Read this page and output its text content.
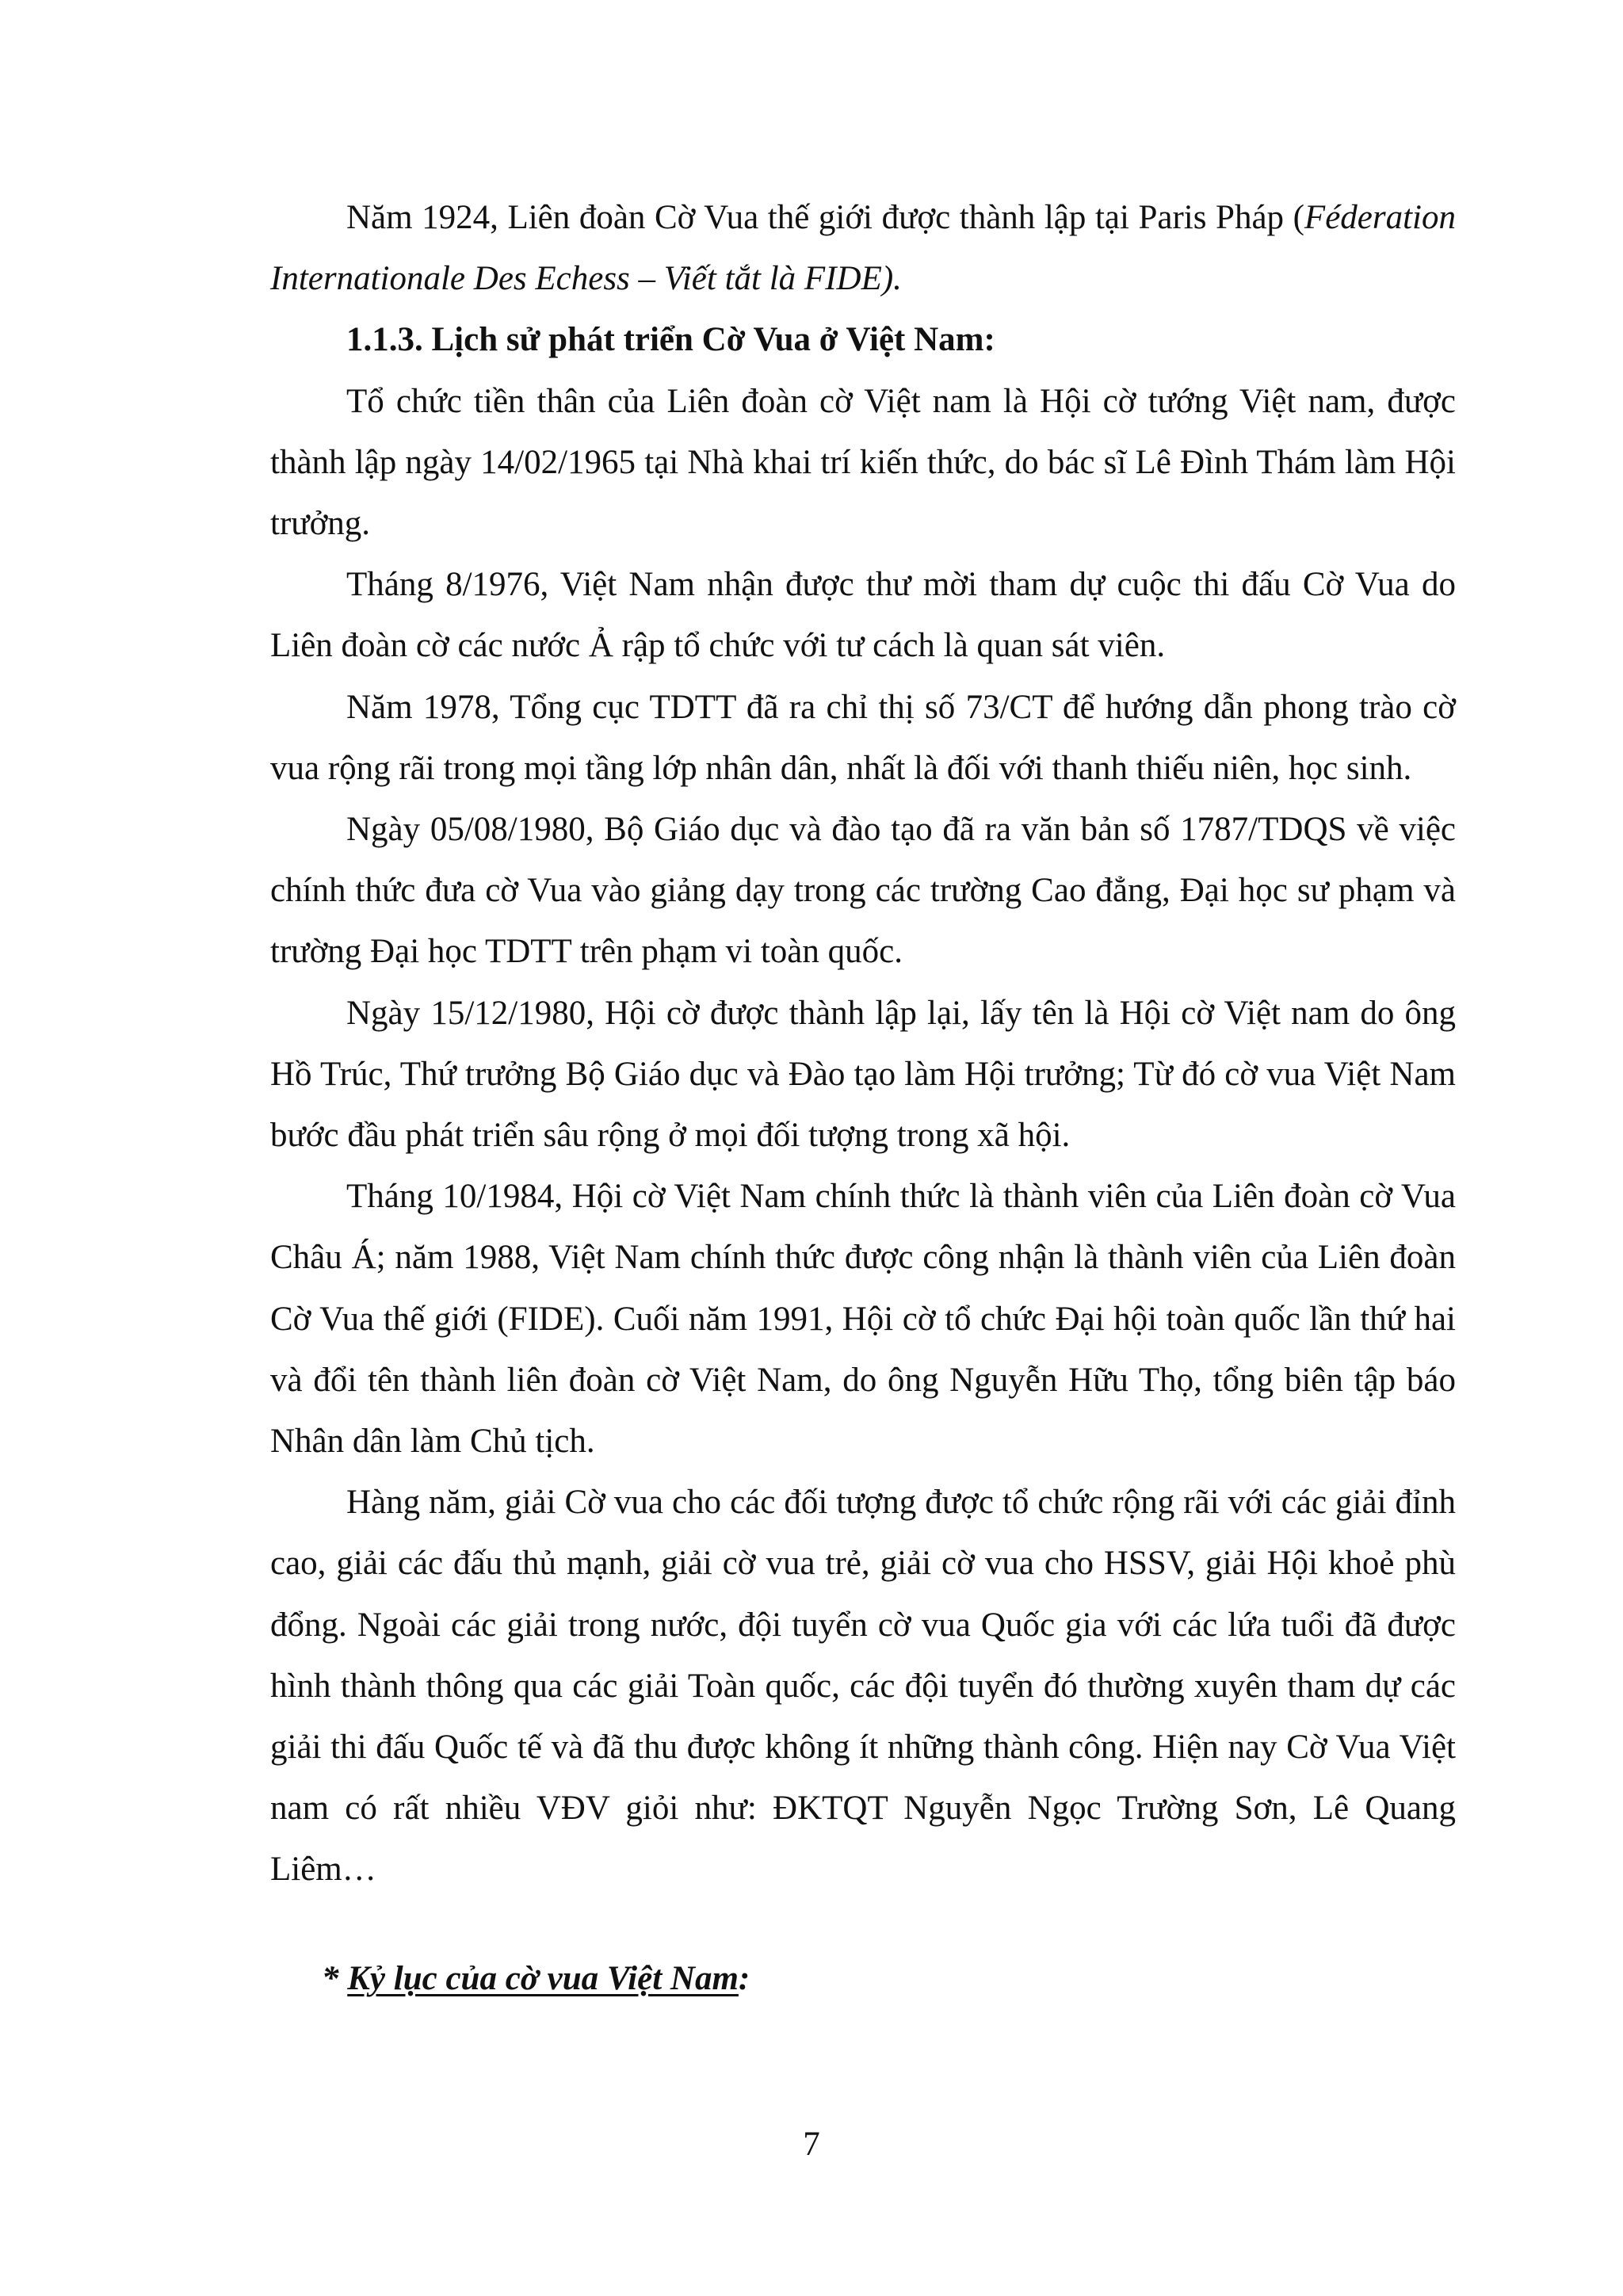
Năm 1924, Liên đoàn Cờ Vua thế giới được thành lập tại Paris Pháp (Féderation Internationale Des Echess – Viết tắt là FIDE).

1.1.3. Lịch sử phát triển Cờ Vua ở Việt Nam:

Tổ chức tiền thân của Liên đoàn cờ Việt nam là Hội cờ tướng Việt nam, được thành lập ngày 14/02/1965 tại Nhà khai trí kiến thức, do bác sĩ Lê Đình Thám làm Hội trưởng.

Tháng 8/1976, Việt Nam nhận được thư mời tham dự cuộc thi đấu Cờ Vua do Liên đoàn cờ các nước Ả rập tổ chức với tư cách là quan sát viên.

Năm 1978, Tổng cục TDTT đã ra chỉ thị số 73/CT để hướng dẫn phong trào cờ vua rộng rãi trong mọi tầng lớp nhân dân, nhất là đối với thanh thiếu niên, học sinh.

Ngày 05/08/1980, Bộ Giáo dục và đào tạo đã ra văn bản số 1787/TDQS về việc chính thức đưa cờ Vua vào giảng dạy trong các trường Cao đẳng, Đại học sư phạm và trường Đại học TDTT trên phạm vi toàn quốc.

Ngày 15/12/1980, Hội cờ được thành lập lại, lấy tên là Hội cờ Việt nam do ông Hồ Trúc, Thứ trưởng Bộ Giáo dục và Đào tạo làm Hội trưởng; Từ đó cờ vua Việt Nam bước đầu phát triển sâu rộng ở mọi đối tượng trong xã hội.

Tháng 10/1984, Hội cờ Việt Nam chính thức là thành viên của Liên đoàn cờ Vua Châu Á; năm 1988, Việt Nam chính thức được công nhận là thành viên của Liên đoàn Cờ Vua thế giới (FIDE). Cuối năm 1991, Hội cờ tổ chức Đại hội toàn quốc lần thứ hai và đổi tên thành liên đoàn cờ Việt Nam, do ông Nguyễn Hữu Thọ, tổng biên tập báo Nhân dân làm Chủ tịch.

Hàng năm, giải Cờ vua cho các đối tượng được tổ chức rộng rãi với các giải đỉnh cao, giải các đấu thủ mạnh, giải cờ vua trẻ, giải cờ vua cho HSSV, giải Hội khoẻ phù đổng. Ngoài các giải trong nước, đội tuyển cờ vua Quốc gia với các lứa tuổi đã được hình thành thông qua các giải Toàn quốc, các đội tuyển đó thường xuyên tham dự các giải thi đấu Quốc tế và đã thu được không ít những thành công. Hiện nay Cờ Vua Việt nam có rất nhiều VĐV giỏi như: ĐKTQT Nguyễn Ngọc Trường Sơn, Lê Quang Liêm…

* Kỷ lục của cờ vua Việt Nam:
7
